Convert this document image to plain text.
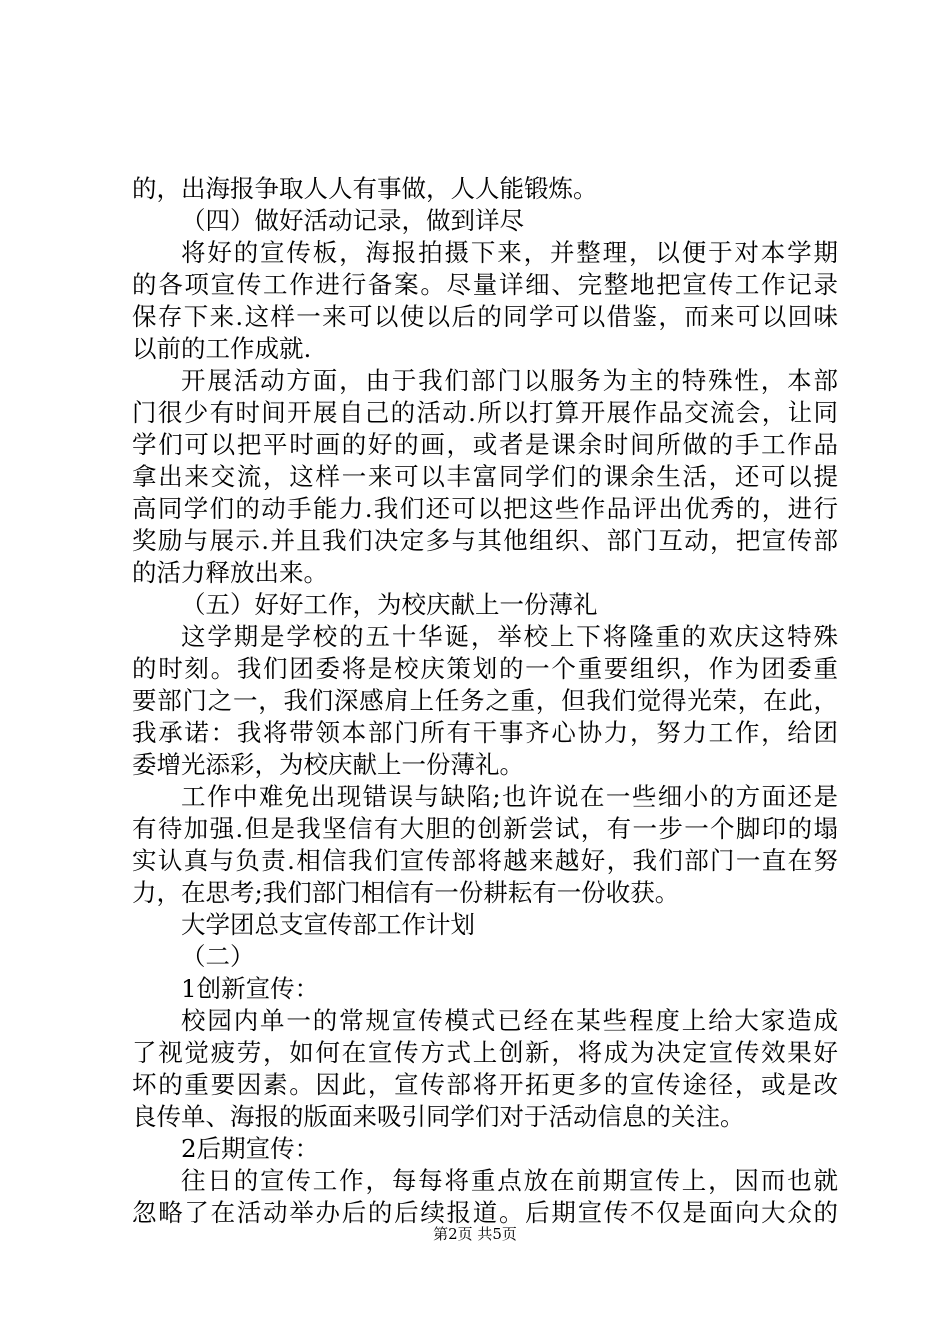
的，出海报争取人人有事做，人人能锻炼。
（四）做好活动记录，做到详尽
将好的宣传板，海报拍摄下来，并整理，以便于对本学期
的各项宣传工作进行备案。尽量详细、完整地把宣传工作记录
保存下来.这样一来可以使以后的同学可以借鉴，而来可以回味
以前的工作成就.
开展活动方面，由于我们部门以服务为主的特殊性，本部
门很少有时间开展自己的活动.所以打算开展作品交流会，让同
学们可以把平时画的好的画，或者是课余时间所做的手工作品
拿出来交流，这样一来可以丰富同学们的课余生活，还可以提
高同学们的动手能力.我们还可以把这些作品评出优秀的，进行
奖励与展示.并且我们决定多与其他组织、部门互动，把宣传部
的活力释放出来。
（五）好好工作，为校庆献上一份薄礼
这学期是学校的五十华诞，举校上下将隆重的欢庆这特殊
的时刻。我们团委将是校庆策划的一个重要组织，作为团委重
要部门之一，我们深感肩上任务之重，但我们觉得光荣，在此，
我承诺：我将带领本部门所有干事齐心协力，努力工作，给团
委增光添彩，为校庆献上一份薄礼。
工作中难免出现错误与缺陷;也许说在一些细小的方面还是
有待加强.但是我坚信有大胆的创新尝试，有一步一个脚印的塌
实认真与负责.相信我们宣传部将越来越好，我们部门一直在努
力，在思考;我们部门相信有一份耕耘有一份收获。
大学团总支宣传部工作计划
（二）
1创新宣传：
校园内单一的常规宣传模式已经在某些程度上给大家造成
了视觉疲劳，如何在宣传方式上创新，将成为决定宣传效果好
坏的重要因素。因此，宣传部将开拓更多的宣传途径，或是改
良传单、海报的版面来吸引同学们对于活动信息的关注。
2后期宣传：
往日的宣传工作，每每将重点放在前期宣传上，因而也就
忽略了在活动举办后的后续报道。后期宣传不仅是面向大众的
第2页 共5页
